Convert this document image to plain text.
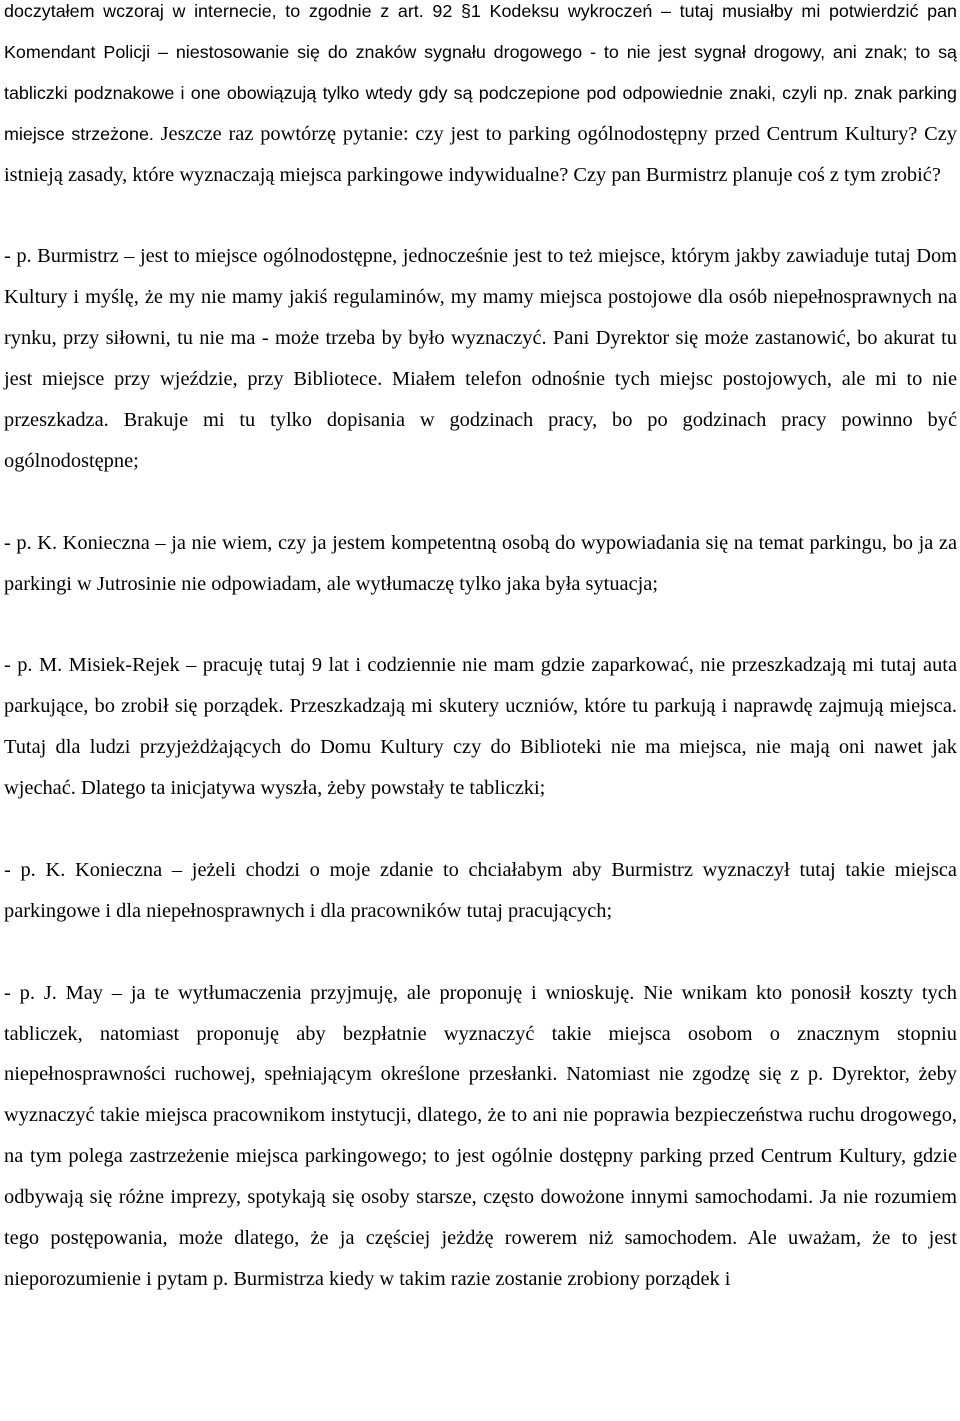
doczytałem wczoraj w internecie, to zgodnie z art. 92 §1 Kodeksu wykroczeń – tutaj musiałby mi potwierdzić pan Komendant Policji – niestosowanie się do znaków sygnału drogowego - to nie jest sygnał drogowy, ani znak; to są tabliczki podznakowe i one obowiązują tylko wtedy gdy są podczepione pod odpowiednie znaki, czyli np. znak parking miejsce strzeżone. Jeszcze raz powtórzę pytanie: czy jest to parking ogólnodostępny przed Centrum Kultury? Czy istnieją zasady, które wyznaczają miejsca parkingowe indywidualne? Czy pan Burmistrz planuje coś z tym zrobić?

- p. Burmistrz – jest to miejsce ogólnodostępne, jednocześnie jest to też miejsce, którym jakby zawiaduje tutaj Dom Kultury i myślę, że my nie mamy jakiś regulaminów, my mamy miejsca postojowe dla osób niepełnosprawnych na rynku, przy siłowni, tu nie ma - może trzeba by było wyznaczyć. Pani Dyrektor się może zastanowić, bo akurat tu jest miejsce przy wjeździe, przy Bibliotece. Miałem telefon odnośnie tych miejsc postojowych, ale mi to nie przeszkadza. Brakuje mi tu tylko dopisania w godzinach pracy, bo po godzinach pracy powinno być ogólnodostępne;

- p. K. Konieczna – ja nie wiem, czy ja jestem kompetentną osobą do wypowiadania się na temat parkingu, bo ja za parkingi w Jutrosinie nie odpowiadam, ale wytłumaczę tylko jaka była sytuacja;

- p. M. Misiek-Rejek – pracuję tutaj 9 lat i codziennie nie mam gdzie zaparkować, nie przeszkadzają mi tutaj auta parkujące, bo zrobił się porządek. Przeszkadzają mi skutery uczniów, które tu parkują i naprawdę zajmują miejsca. Tutaj dla ludzi przyjeżdżających do Domu Kultury czy do Biblioteki nie ma miejsca, nie mają oni nawet jak wjechać. Dlatego ta inicjatywa wyszła, żeby powstały te tabliczki;

- p. K. Konieczna – jeżeli chodzi o moje zdanie to chciałabym aby Burmistrz wyznaczył tutaj takie miejsca parkingowe i dla niepełnosprawnych i dla pracowników tutaj pracujących;

- p. J. May – ja te wytłumaczenia przyjmuję, ale proponuję i wnioskuję. Nie wnikam kto ponosił koszty tych tabliczek, natomiast proponuję aby bezpłatnie wyznaczyć takie miejsca osobom o znacznym stopniu niepełnosprawności ruchowej, spełniającym określone przesłanki. Natomiast nie zgodzę się z p. Dyrektor, żeby wyznaczyć takie miejsca pracownikom instytucji, dlatego, że to ani nie poprawia bezpieczeństwa ruchu drogowego, na tym polega zastrzeżenie miejsca parkingowego; to jest ogólnie dostępny parking przed Centrum Kultury, gdzie odbywają się różne imprezy, spotykają się osoby starsze, często dowożone innymi samochodami. Ja nie rozumiem tego postępowania, może dlatego, że ja częściej jeżdżę rowerem niż samochodem. Ale uważam, że to jest nieporozumienie i pytam p. Burmistrza kiedy w takim razie zostanie zrobiony porządek i
